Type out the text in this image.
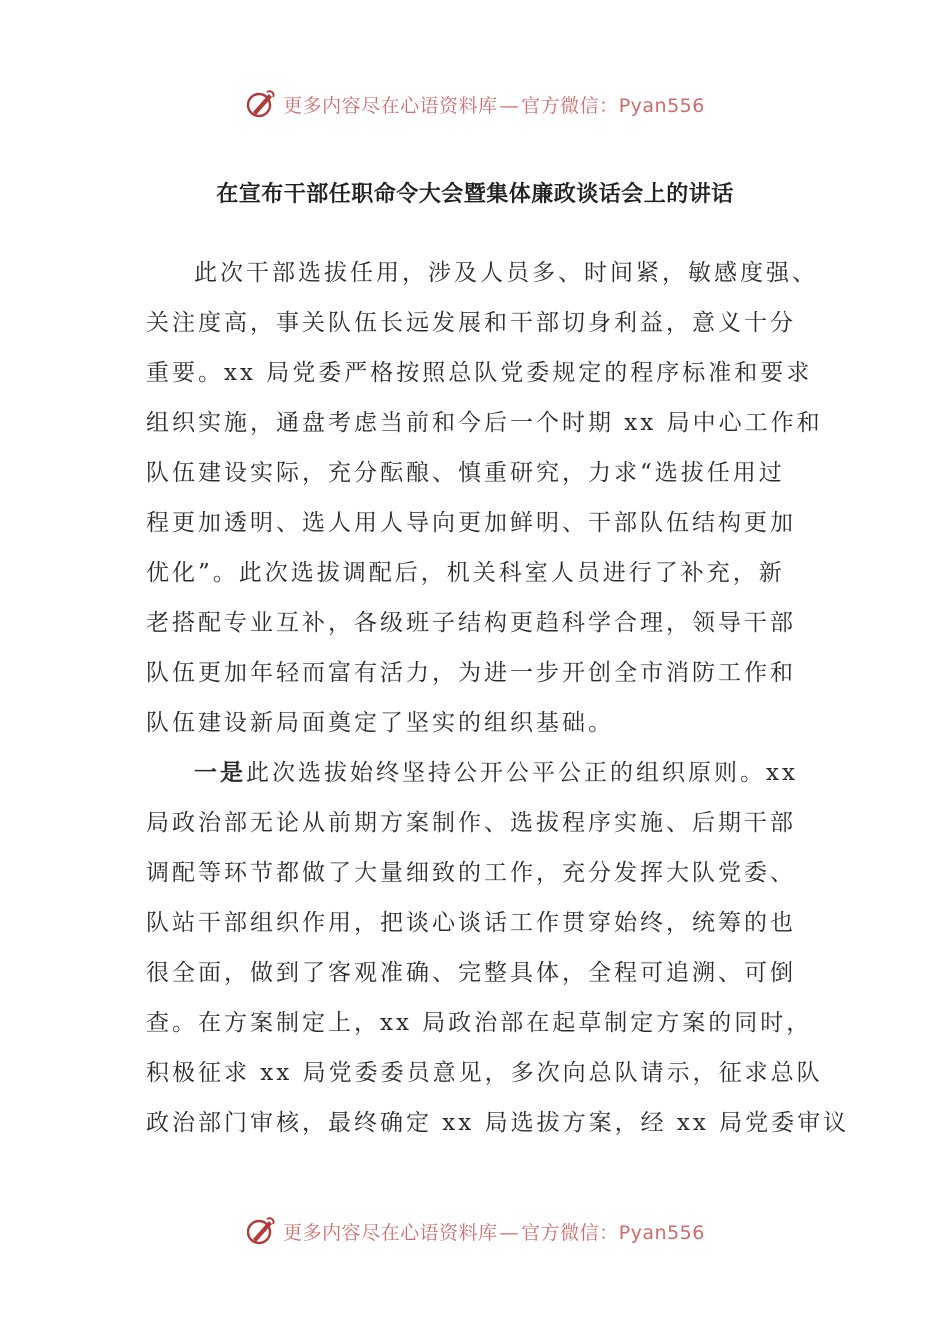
更多内容尽在心语资料库 — 官方微信：Pyan556
在宣布干部任职命令大会暨集体廉政谈话会上的讲话
此次干部选拔任用，涉及人员多、时间紧，敏感度强、
关注度高，事关队伍长远发展和干部切身利益，意义十分
重要。xx 局党委严格按照总队党委规定的程序标准和要求
组织实施，通盘考虑当前和今后一个时期 xx 局中心工作和
队伍建设实际，充分酝酿、慎重研究，力求“选拔任用过
程更加透明、选人用人导向更加鲜明、干部队伍结构更加
优化”。此次选拔调配后，机关科室人员进行了补充，新
老搭配专业互补，各级班子结构更趋科学合理，领导干部
队伍更加年轻而富有活力，为进一步开创全市消防工作和
队伍建设新局面奠定了坚实的组织基础。
一是此次选拔始终坚持公开公平公正的组织原则。xx
局政治部无论从前期方案制作、选拔程序实施、后期干部
调配等环节都做了大量细致的工作，充分发挥大队党委、
队站干部组织作用，把谈心谈话工作贯穿始终，统筹的也
很全面，做到了客观准确、完整具体，全程可追溯、可倒
查。在方案制定上，xx 局政治部在起草制定方案的同时，
积极征求 xx 局党委委员意见，多次向总队请示，征求总队
政治部门审核，最终确定 xx 局选拔方案，经 xx 局党委审议
更多内容尽在心语资料库 — 官方微信：Pyan556
